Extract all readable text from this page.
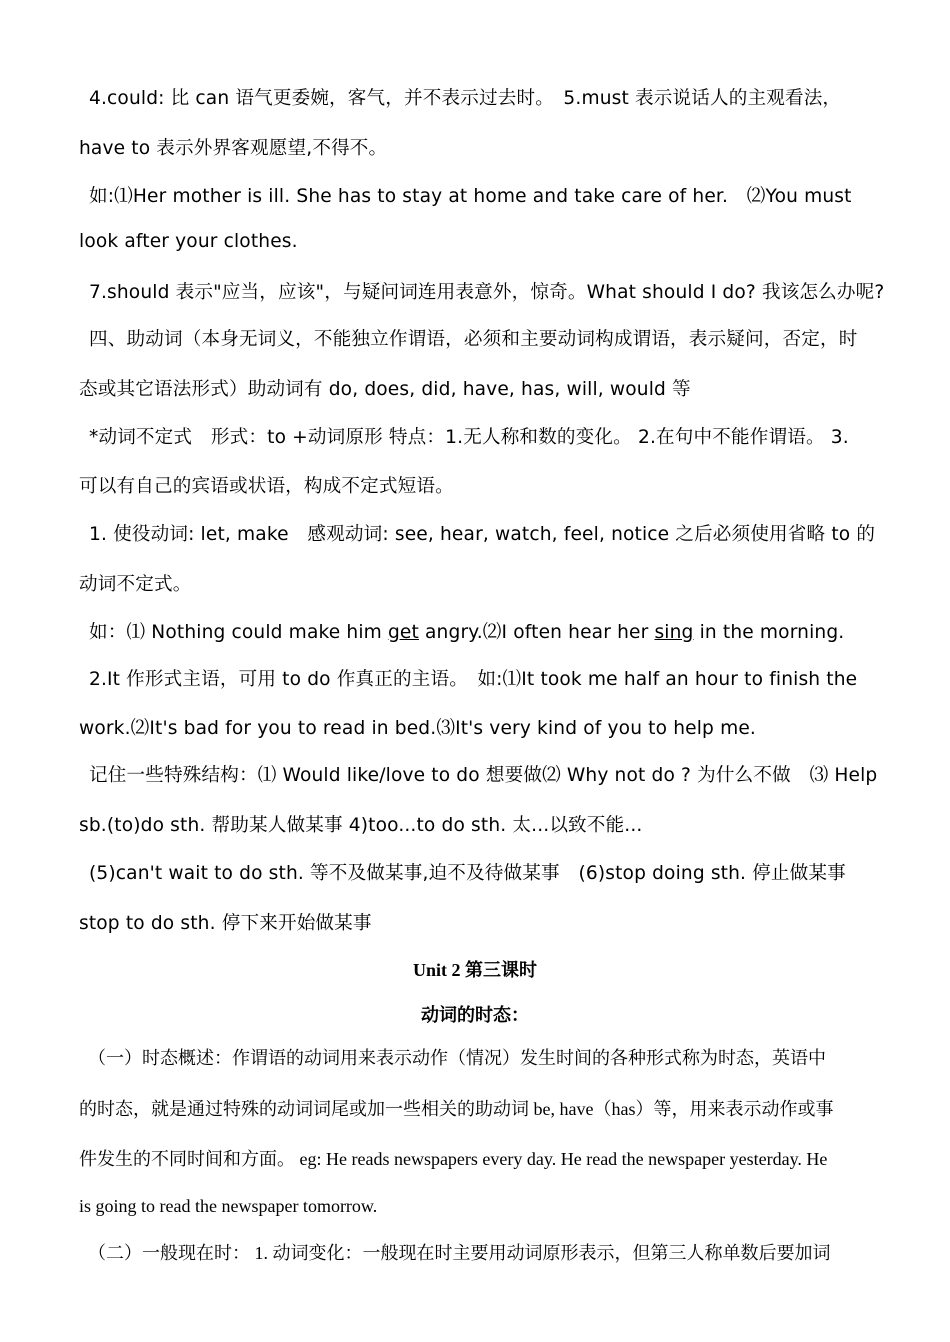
4.could: 比 can 语气更委婉，客气，并不表示过去时。　5.must 表示说话人的主观看法，
have to 表示外界客观愿望,不得不。
如:⑴Her mother is ill. She has to stay at home and take care of her.　⑵You must
look after your clothes.
7.should 表示"应当，应该"，与疑问词连用表意外，惊奇。What should I do? 我该怎么办呢?
四、助动词（本身无词义，不能独立作谓语，必须和主要动词构成谓语，表示疑问，否定，时
态或其它语法形式）助动词有 do, does, did, have, has, will, would 等
*动词不定式　形式：to +动词原形 特点：1.无人称和数的变化。 2.在句中不能作谓语。 3.
可以有自己的宾语或状语，构成不定式短语。
1. 使役动词: let, make　感观动词: see, hear, watch, feel, notice 之后必须使用省略 to 的
动词不定式。
如：⑴ Nothing could make him get angry.⑵I often hear her sing in the morning.
2.It 作形式主语，可用 to do 作真正的主语。　如:⑴It took me half an hour to finish the
work.⑵It's bad for you to read in bed.⑶It's very kind of you to help me.
记住一些特殊结构：⑴ Would like/love to do 想要做⑵ Why not do ? 为什么不做　⑶ Help
sb.(to)do sth. 帮助某人做某事 4)too...to do sth. 太...以致不能...
(5)can't wait to do sth. 等不及做某事,迫不及待做某事　(6)stop doing sth. 停止做某事
stop to do sth. 停下来开始做某事
Unit 2 第三课时
动词的时态：
（一）时态概述：作谓语的动词用来表示动作（情况）发生时间的各种形式称为时态，英语中
的时态，就是通过特殊的动词词尾或加一些相关的助动词 be, have（has）等，用来表示动作或事
件发生的不同时间和方面。 eg: He reads newspapers every day. He read the newspaper yesterday. He
is going to read the newspaper tomorrow.
（二）一般现在时： 1. 动词变化：一般现在时主要用动词原形表示，但第三人称单数后要加词
